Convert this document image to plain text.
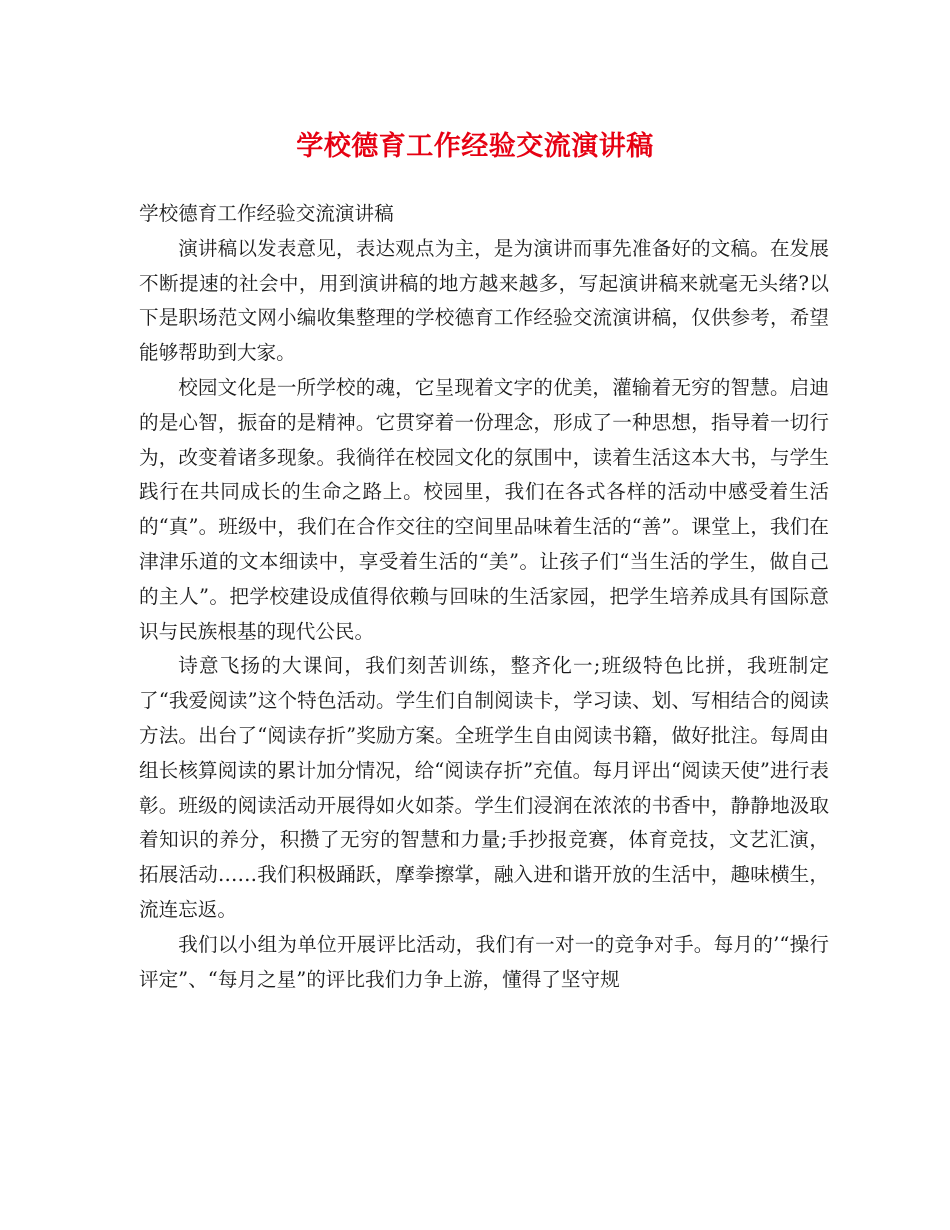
学校德育工作经验交流演讲稿

学校德育工作经验交流演讲稿

演讲稿以发表意见，表达观点为主，是为演讲而事先准备好的文稿。在发展不断提速的社会中，用到演讲稿的地方越来越多，写起演讲稿来就毫无头绪?以下是职场范文网小编收集整理的学校德育工作经验交流演讲稿，仅供参考，希望能够帮助到大家。

校园文化是一所学校的魂，它呈现着文字的优美，灌输着无穷的智慧。启迪的是心智，振奋的是精神。它贯穿着一份理念，形成了一种思想，指导着一切行为，改变着诸多现象。我徜徉在校园文化的氛围中，读着生活这本大书，与学生践行在共同成长的生命之路上。校园里，我们在各式各样的活动中感受着生活的“真”。班级中，我们在合作交往的空间里品味着生活的“善”。课堂上，我们在津津乐道的文本细读中，享受着生活的“美”。让孩子们“当生活的学生，做自己的主人”。把学校建设成值得依赖与回味的生活家园，把学生培养成具有国际意识与民族根基的现代公民。

诗意飞扬的大课间，我们刻苦训练，整齐化一;班级特色比拼，我班制定了“我爱阅读”这个特色活动。学生们自制阅读卡，学习读、划、写相结合的阅读方法。出台了“阅读存折”奖励方案。全班学生自由阅读书籍，做好批注。每周由组长核算阅读的累计加分情况，给“阅读存折”充值。每月评出“阅读天使”进行表彰。班级的阅读活动开展得如火如荼。学生们浸润在浓浓的书香中，静静地汲取着知识的养分，积攒了无穷的智慧和力量;手抄报竞赛，体育竞技，文艺汇演，拓展活动……我们积极踊跃，摩拳擦掌，融入进和谐开放的生活中，趣味横生，流连忘返。

我们以小组为单位开展评比活动，我们有一对一的竞争对手。每月的’“操行评定”、“每月之星”的评比我们力争上游，懂得了坚守规
